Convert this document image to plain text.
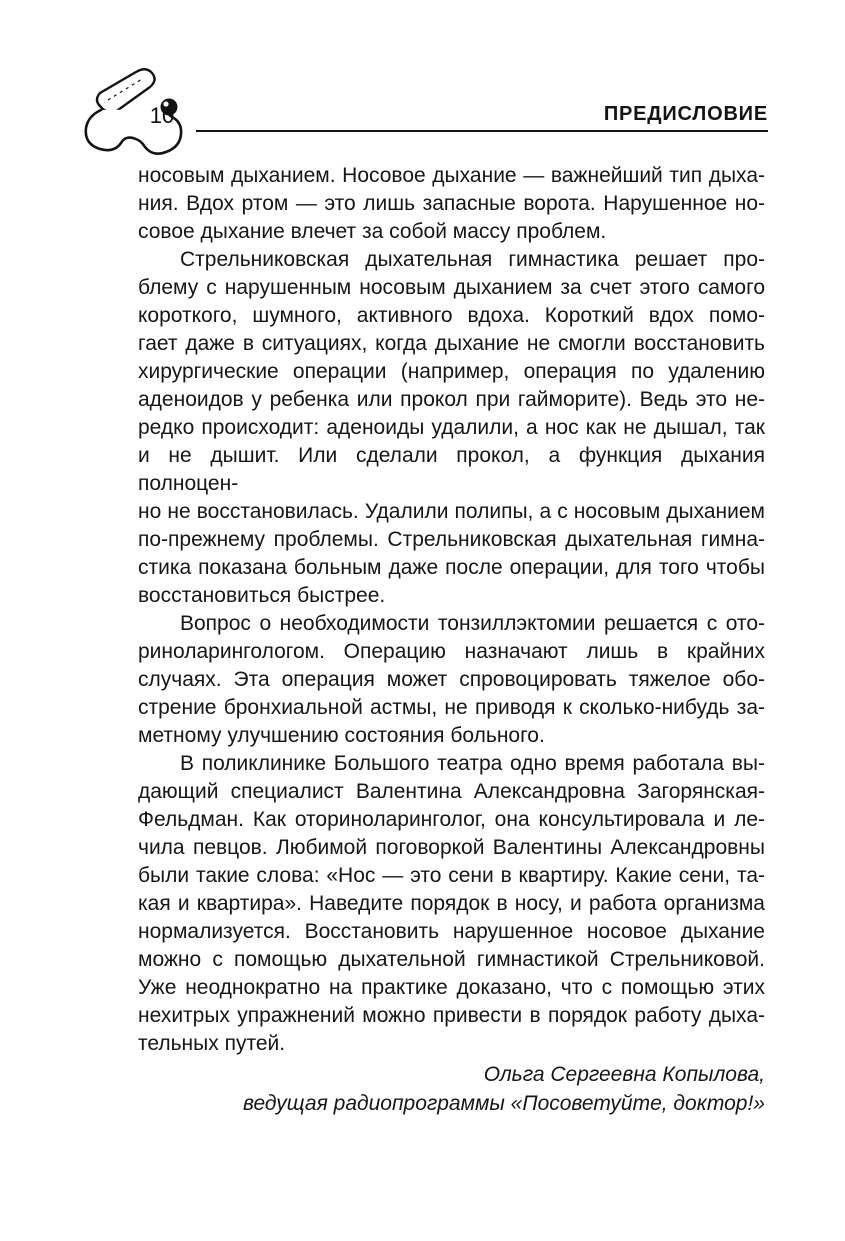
10	ПРЕДИСЛОВИЕ
носовым дыханием. Носовое дыхание — важнейший тип дыха-
ния. Вдох ртом — это лишь запасные ворота. Нарушенное но-
совое дыхание влечет за собой массу проблем.
Стрельниковская дыхательная гимнастика решает про-
блему с нарушенным носовым дыханием за счет этого самого
короткого, шумного, активного вдоха. Короткий вдох помо-
гает даже в ситуациях, когда дыхание не смогли восстановить
хирургические операции (например, операция по удалению
аденоидов у ребенка или прокол при гайморите). Ведь это не-
редко происходит: аденоиды удалили, а нос как не дышал, так
и не дышит. Или сделали прокол, а функция дыхания полноцен-
но не восстановилась. Удалили полипы, а с носовым дыханием
по-прежнему проблемы. Стрельниковская дыхательная гимна-
стика показана больным даже после операции, для того чтобы
восстановиться быстрее.
Вопрос о необходимости тонзиллэктомии решается с ото-
риноларингологом. Операцию назначают лишь в крайних
случаях. Эта операция может спровоцировать тяжелое обо-
стрение бронхиальной астмы, не приводя к сколько-нибудь за-
метному улучшению состояния больного.
В поликлинике Большого театра одно время работала вы-
дающий специалист Валентина Александровна Загорянская-
Фельдман. Как оториноларинголог, она консультировала и ле-
чила певцов. Любимой поговоркой Валентины Александровны
были такие слова: «Нос — это сени в квартиру. Какие сени, та-
кая и квартира». Наведите порядок в носу, и работа организма
нормализуется. Восстановить нарушенное носовое дыхание
можно с помощью дыхательной гимнастикой Стрельниковой.
Уже неоднократно на практике доказано, что с помощью этих
нехитрых упражнений можно привести в порядок работу дыха-
тельных путей.
Ольга Сергеевна Копылова,
ведущая радиопрограммы «Посоветуйте, доктор!»
